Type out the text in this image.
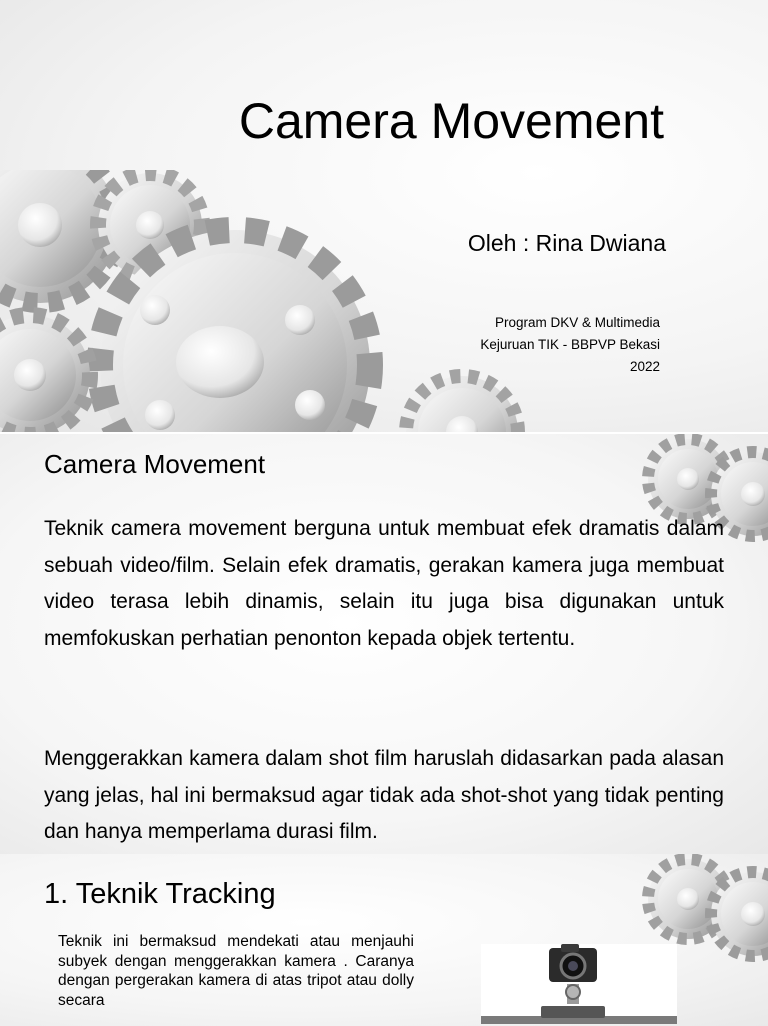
Camera Movement

Oleh : Rina Dwiana

Program DKV & Multimedia
Kejuruan TIK - BBPVP Bekasi
2022
Camera Movement

Teknik camera movement berguna untuk membuat efek dramatis dalam sebuah video/film. Selain efek dramatis, gerakan kamera juga membuat video terasa lebih dinamis, selain itu juga bisa digunakan untuk memfokuskan perhatian penonton kepada objek tertentu.

Menggerakkan kamera dalam shot film haruslah didasarkan pada alasan yang jelas, hal ini bermaksud agar tidak ada shot-shot yang tidak penting dan hanya memperlama durasi film.

1. Teknik Tracking

Teknik ini bermaksud mendekati atau menjauhi subyek dengan menggerakkan kamera . Caranya dengan pergerakan kamera di atas tripot atau dolly secara
